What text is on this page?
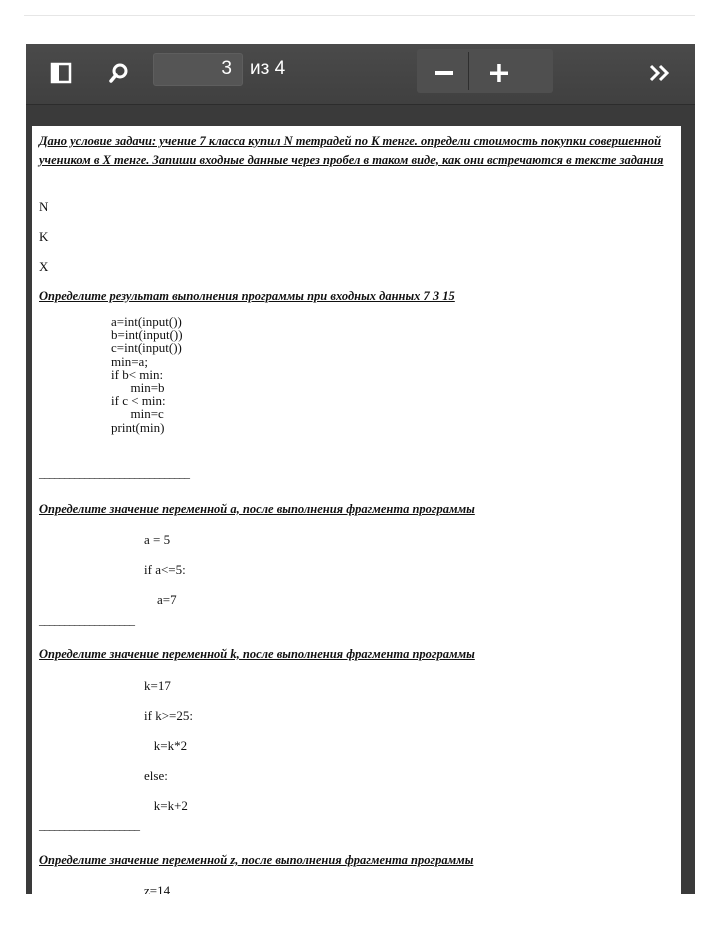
3 из 4
Дано условие задачи: учение 7 класса купил N тетрадей по K тенге. определи стоимость покупки совершенной учеником в X тенге. Запиши входные данные через пробел в таком виде, как они встречаются в тексте задания
N
K
X
Определите результат выполнения программы при входных данных 7 3 15
a=int(input())
b=int(input())
c=int(input())
min=a;
if b< min:
min=b
if c < min:
min=c
print(min)
______________________________
Определите значение переменной а, после выполнения фрагмента программы
a = 5
if a<=5:
a=7
___________________
Определите значение переменной k, после выполнения фрагмента программы
k=17
if k>=25:
k=k*2
else:
k=k+2
____________________
Определите значение переменной z, после выполнения фрагмента программы
z=14
